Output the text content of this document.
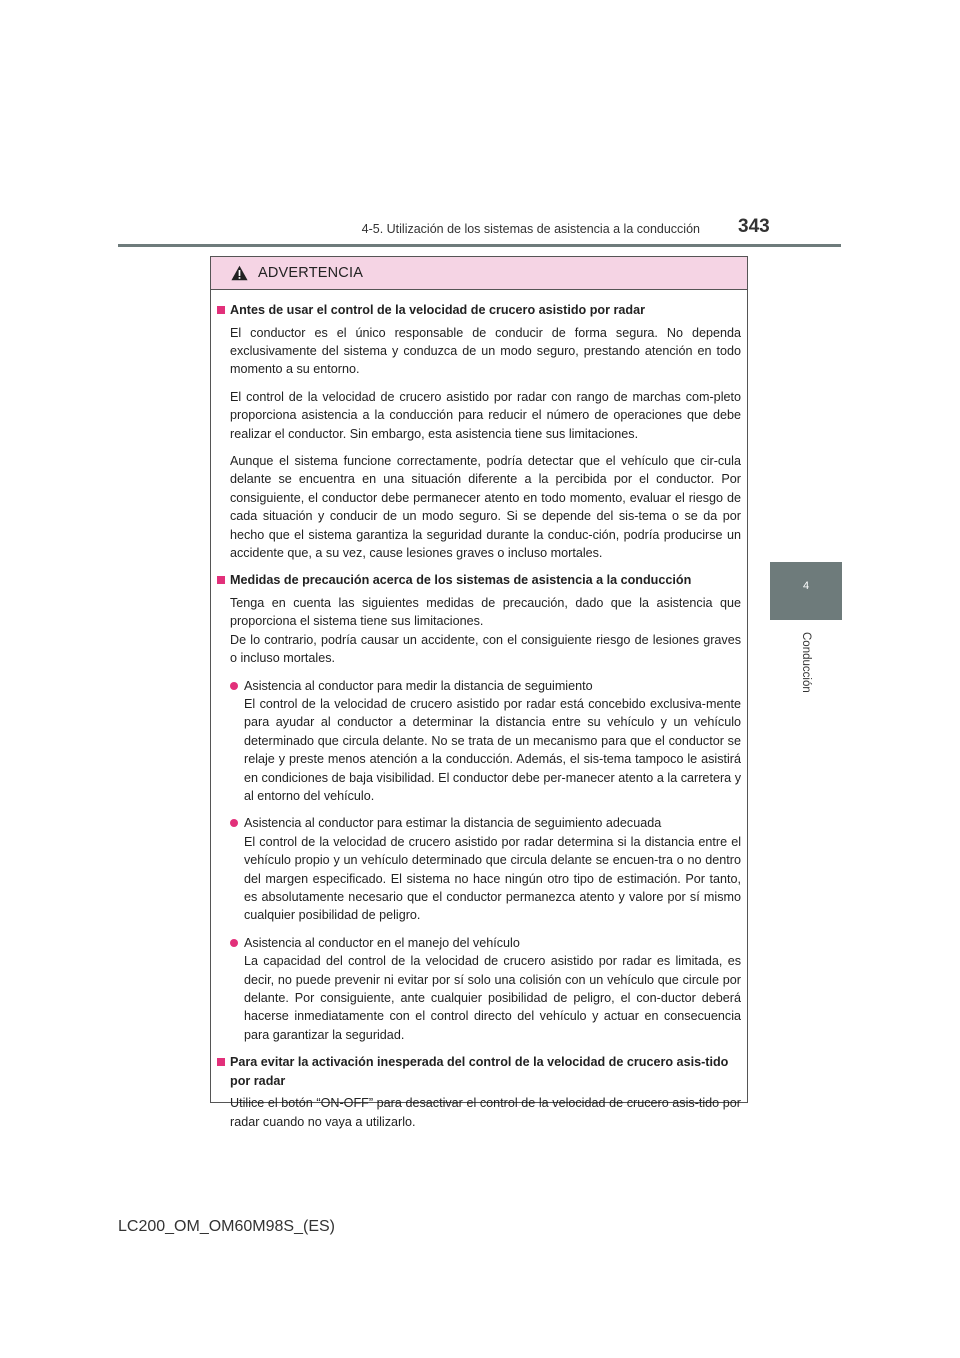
4-5. Utilización de los sistemas de asistencia a la conducción 343
4
Conducción
ADVERTENCIA
Antes de usar el control de la velocidad de crucero asistido por radar

El conductor es el único responsable de conducir de forma segura. No dependa exclusivamente del sistema y conduzca de un modo seguro, prestando atención en todo momento a su entorno.

El control de la velocidad de crucero asistido por radar con rango de marchas com-pleto proporciona asistencia a la conducción para reducir el número de operaciones que debe realizar el conductor. Sin embargo, esta asistencia tiene sus limitaciones.

Aunque el sistema funcione correctamente, podría detectar que el vehículo que cir-cula delante se encuentra en una situación diferente a la percibida por el conductor. Por consiguiente, el conductor debe permanecer atento en todo momento, evaluar el riesgo de cada situación y conducir de un modo seguro. Si se depende del sis-tema o se da por hecho que el sistema garantiza la seguridad durante la conduc-ción, podría producirse un accidente que, a su vez, cause lesiones graves o incluso mortales.

Medidas de precaución acerca de los sistemas de asistencia a la conducción

Tenga en cuenta las siguientes medidas de precaución, dado que la asistencia que proporciona el sistema tiene sus limitaciones.

De lo contrario, podría causar un accidente, con el consiguiente riesgo de lesiones graves o incluso mortales.

Asistencia al conductor para medir la distancia de seguimiento
El control de la velocidad de crucero asistido por radar está concebido exclusiva-mente para ayudar al conductor a determinar la distancia entre su vehículo y un vehículo determinado que circula delante. No se trata de un mecanismo para que el conductor se relaje y preste menos atención a la conducción. Además, el sis-tema tampoco le asistirá en condiciones de baja visibilidad. El conductor debe per-manecer atento a la carretera y al entorno del vehículo.
Asistencia al conductor para estimar la distancia de seguimiento adecuada
El control de la velocidad de crucero asistido por radar determina si la distancia entre el vehículo propio y un vehículo determinado que circula delante se encuen-tra o no dentro del margen especificado. El sistema no hace ningún otro tipo de estimación. Por tanto, es absolutamente necesario que el conductor permanezca atento y valore por sí mismo cualquier posibilidad de peligro.
Asistencia al conductor en el manejo del vehículo
La capacidad del control de la velocidad de crucero asistido por radar es limitada, es decir, no puede prevenir ni evitar por sí solo una colisión con un vehículo que circule por delante. Por consiguiente, ante cualquier posibilidad de peligro, el con-ductor deberá hacerse inmediatamente con el control directo del vehículo y actuar en consecuencia para garantizar la seguridad.
Para evitar la activación inesperada del control de la velocidad de crucero asis-tido por radar

Utilice el botón “ON-OFF” para desactivar el control de la velocidad de crucero asis-tido por radar cuando no vaya a utilizarlo.

LC200_OM_OM60M98S_(ES)
